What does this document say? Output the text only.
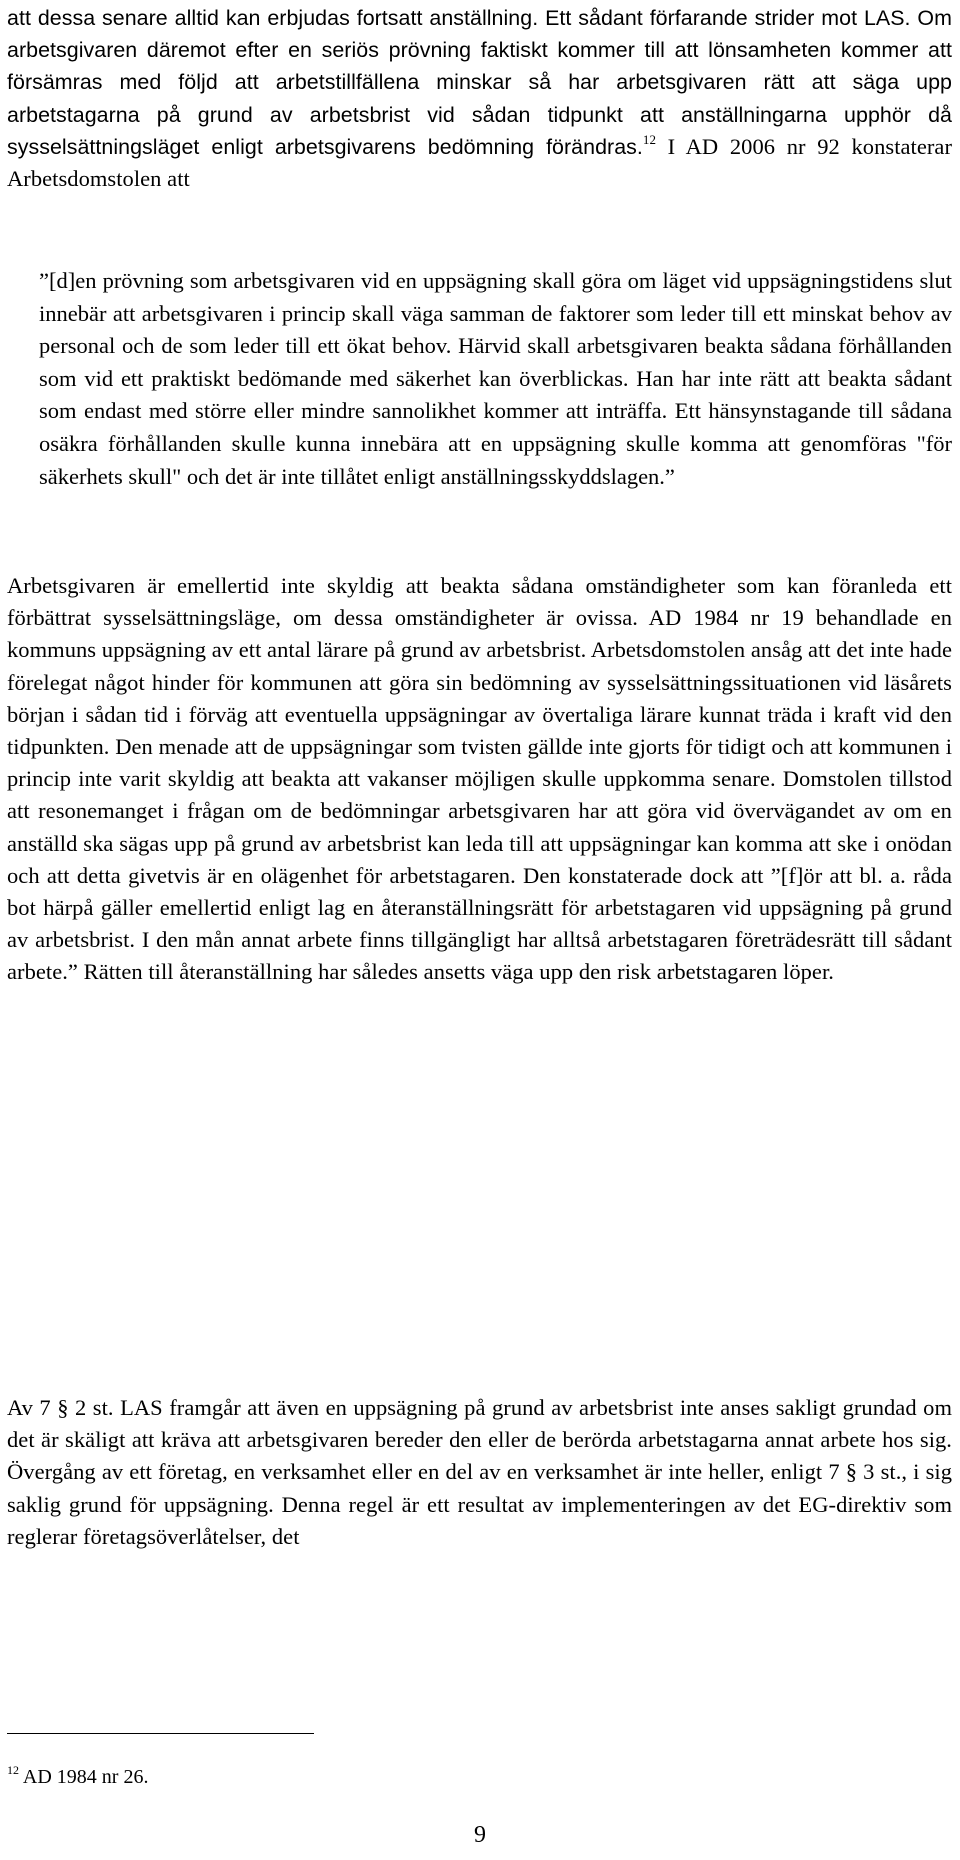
att dessa senare alltid kan erbjudas fortsatt anställning. Ett sådant förfarande strider mot LAS. Om arbetsgivaren däremot efter en seriös prövning faktiskt kommer till att lönsamheten kommer att försämras med följd att arbetstillfällena minskar så har arbetsgivaren rätt att säga upp arbetstagarna på grund av arbetsbrist vid sådan tidpunkt att anställningarna upphör då sysselsättningsläget enligt arbetsgivarens bedömning förändras.$^{12}$ I AD 2006 nr 92 konstaterar Arbetsdomstolen att

”[d]en prövning som arbetsgivaren vid en uppsägning skall göra om läget vid uppsägningstidens slut innebär att arbetsgivaren i princip skall väga samman de faktorer som leder till ett minskat behov av personal och de som leder till ett ökat behov. Härvid skall arbetsgivaren beakta sådana förhållanden som vid ett praktiskt bedömande med säkerhet kan överblickas. Han har inte rätt att beakta sådant som endast med större eller mindre sannolikhet kommer att inträffa. Ett hänsynstagande till sådana osäkra förhållanden skulle kunna innebära att en uppsägning skulle komma att genomföras "för säkerhets skull" och det är inte tillåtet enligt anställningsskyddslagen.”

Arbetsgivaren är emellertid inte skyldig att beakta sådana omständigheter som kan föranleda ett förbättrat sysselsättningsläge, om dessa omständigheter är ovissa. AD 1984 nr 19 behandlade en kommuns uppsägning av ett antal lärare på grund av arbetsbrist. Arbetsdomstolen ansåg att det inte hade förelegat något hinder för kommunen att göra sin bedömning av sysselsättningssituationen vid läsårets början i sådan tid i förväg att eventuella uppsägningar av övertaliga lärare kunnat träda i kraft vid den tidpunkten. Den menade att de uppsägningar som tvisten gällde inte gjorts för tidigt och att kommunen i princip inte varit skyldig att beakta att vakanser möjligen skulle uppkomma senare. Domstolen tillstod att resonemanget i frågan om de bedömningar arbetsgivaren har att göra vid övervägandet av om en anställd ska sägas upp på grund av arbetsbrist kan leda till att uppsägningar kan komma att ske i onödan och att detta givetvis är en olägenhet för arbetstagaren. Den konstaterade dock att ”[f]ör att bl. a. råda bot härpå gäller emellertid enligt lag en återanställningsrätt för arbetstagaren vid uppsägning på grund av arbetsbrist. I den mån annat arbete finns tillgängligt har alltså arbetstagaren företrädesrätt till sådant arbete.” Rätten till återanställning har således ansetts väga upp den risk arbetstagaren löper.

Av 7 § 2 st. LAS framgår att även en uppsägning på grund av arbetsbrist inte anses sakligt grundad om det är skäligt att kräva att arbetsgivaren bereder den eller de berörda arbetstagarna annat arbete hos sig. Övergång av ett företag, en verksamhet eller en del av en verksamhet är inte heller, enligt 7 § 3 st., i sig saklig grund för uppsägning. Denna regel är ett resultat av implementeringen av det EG-direktiv som reglerar företagsöverlåtelser, det

$^{12}$ AD 1984 nr 26.

9
